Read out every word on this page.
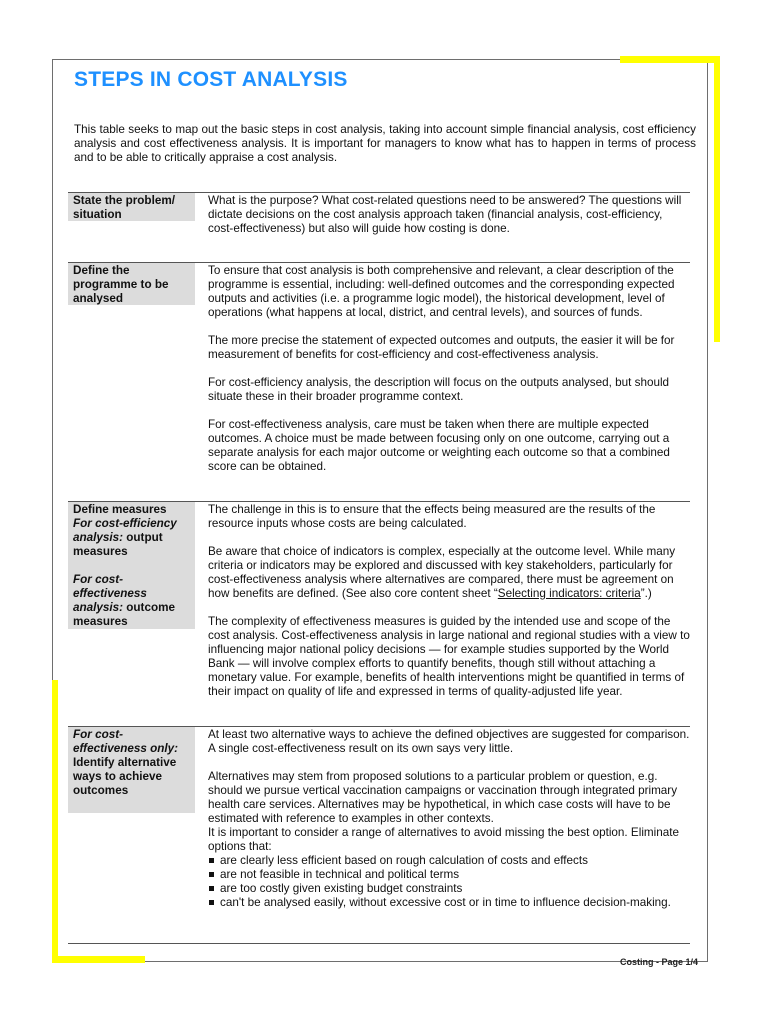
STEPS IN COST ANALYSIS
This table seeks to map out the basic steps in cost analysis, taking into account simple financial analysis, cost efficiency analysis and cost effectiveness analysis. It is important for managers to know what has to happen in terms of process and to be able to critically appraise a cost analysis.
State the problem/ situation

What is the purpose? What cost-related questions need to be answered? The questions will dictate decisions on the cost analysis approach taken (financial analysis, cost-efficiency, cost-effectiveness) but also will guide how costing is done.

Define the programme to be analysed

To ensure that cost analysis is both comprehensive and relevant, a clear description of the programme is essential, including: well-defined outcomes and the corresponding expected outputs and activities (i.e. a programme logic model), the historical development, level of operations (what happens at local, district, and central levels), and sources of funds.

The more precise the statement of expected outcomes and outputs, the easier it will be for measurement of benefits for cost-efficiency and cost-effectiveness analysis.

For cost-efficiency analysis, the description will focus on the outputs analysed, but should situate these in their broader programme context.

For cost-effectiveness analysis, care must be taken when there are multiple expected outcomes. A choice must be made between focusing only on one outcome, carrying out a separate analysis for each major outcome or weighting each outcome so that a combined score can be obtained.

Define measures
For cost-efficiency analysis: output measures
For cost-effectiveness analysis: outcome measures

The challenge in this is to ensure that the effects being measured are the results of the resource inputs whose costs are being calculated.

Be aware that choice of indicators is complex, especially at the outcome level. While many criteria or indicators may be explored and discussed with key stakeholders, particularly for cost-effectiveness analysis where alternatives are compared, there must be agreement on how benefits are defined. (See also core content sheet “Selecting indicators: criteria”.)

The complexity of effectiveness measures is guided by the intended use and scope of the cost analysis. Cost-effectiveness analysis in large national and regional studies with a view to influencing major national policy decisions — for example studies supported by the World Bank — will involve complex efforts to quantify benefits, though still without attaching a monetary value. For example, benefits of health interventions might be quantified in terms of their impact on quality of life and expressed in terms of quality-adjusted life year.

For cost-effectiveness only:
Identify alternative ways to achieve outcomes

At least two alternative ways to achieve the defined objectives are suggested for comparison. A single cost-effectiveness result on its own says very little.

Alternatives may stem from proposed solutions to a particular problem or question, e.g. should we pursue vertical vaccination campaigns or vaccination through integrated primary health care services. Alternatives may be hypothetical, in which case costs will have to be estimated with reference to examples in other contexts.

It is important to consider a range of alternatives to avoid missing the best option. Eliminate options that:

are clearly less efficient based on rough calculation of costs and effects
are not feasible in technical and political terms
are too costly given existing budget constraints
can't be analysed easily, without excessive cost or in time to influence decision-making.
Costing - Page 1/4
